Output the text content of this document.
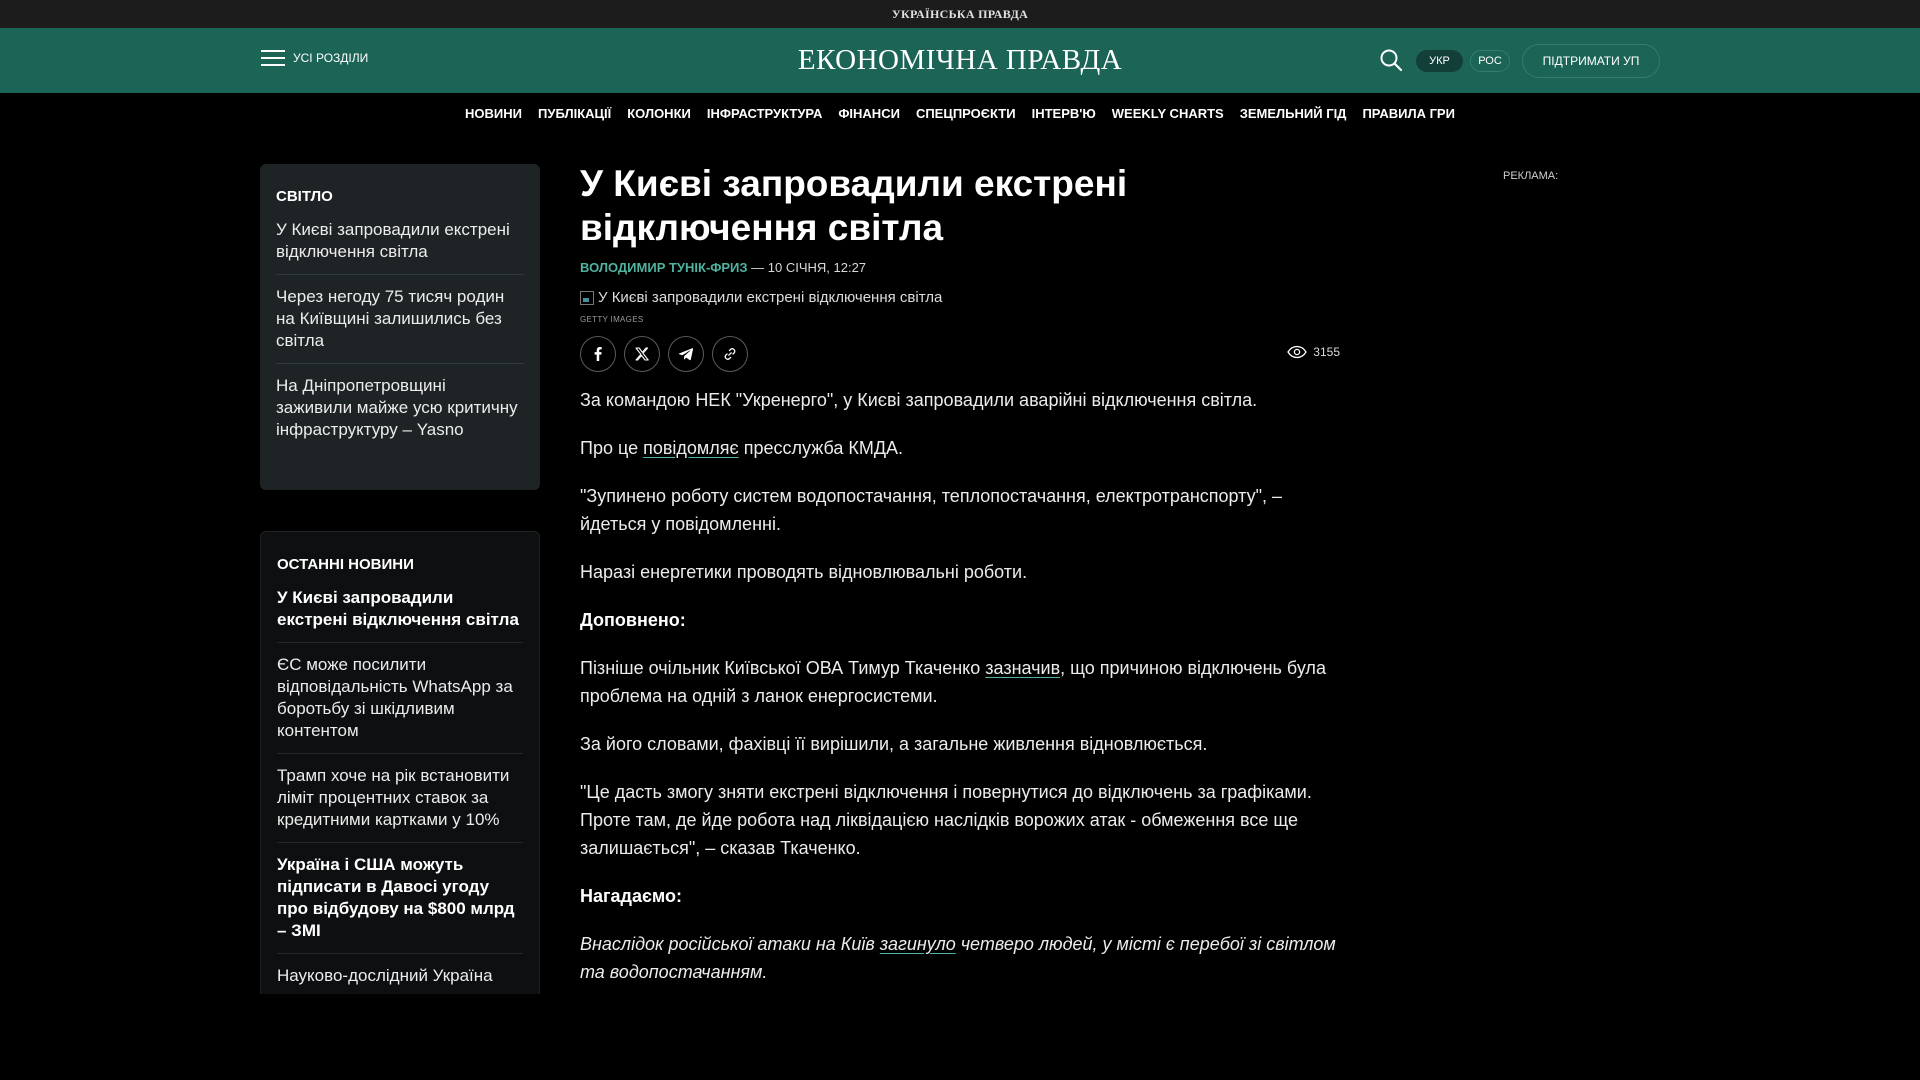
УКРАЇНСЬКА ПРАВДА
УСІ РОЗДІЛИ	ЕКОНОМІЧНА ПРАВДА	УКР	РОС	ПІДТРИМАТИ УП
НОВИНИ ПУБЛІКАЦІЇ КОЛОНКИ ІНФРАСТРУКТУРА ФІНАНСИ СПЕЦПРОЄКТИ ІНТЕРВ'Ю WEEKLY CHARTS ЗЕМЕЛЬНИЙ ГІД ПРАВИЛА ГРИ
СВІТЛО
У Києві запровадили екстрені відключення світла
Через негоду 75 тисяч родин на Київщині залишились без світла
На Дніпропетровщині заживили майже усю критичну інфраструктуру – Yasno
ОСТАННІ НОВИНИ
У Києві запровадили екстрені відключення світла
ЄС може посилити відповідальність WhatsApp за боротьбу зі шкідливим контентом
Трамп хоче на рік встановити ліміт процентних ставок за кредитними картками у 10%
Україна і США можуть підписати в Давосі угоду про відбудову на $800 млрд – ЗМІ
Науково-дослідний Україна
У Києві запровадили екстрені відключення світла
ВОЛОДИМИР ТУНІК-ФРИЗ — 10 СІЧНЯ, 12:27
У Києві запровадили екстрені відключення світла
GETTY IMAGES
3155

За командою НЕК "Укренерго", у Києві запровадили аварійні відключення світла.

Про це повідомляє пресслужба КМДА.

"Зупинено роботу систем водопостачання, теплопостачання, електротранспорту", – йдеться у повідомленні.

Наразі енергетики проводять відновлювальні роботи.

Доповнено:

Пізніше очільник Київської ОВА Тимур Ткаченко зазначив, що причиною відключень була проблема на одній з ланок енергосистеми.

За його словами, фахівці її вирішили, а загальне живлення відновлюється.

"Це дасть змогу зняти екстрені відключення і повернутися до відключень за графіками. Проте там, де йде робота над ліквідацією наслідків ворожих атак - обмеження все ще залишається", – сказав Ткаченко.

Нагадаємо:

Внаслідок російської атаки на Київ загинуло четверо людей, у місті є перебої зі світлом та водопостачанням.

РЕКЛАМА:
